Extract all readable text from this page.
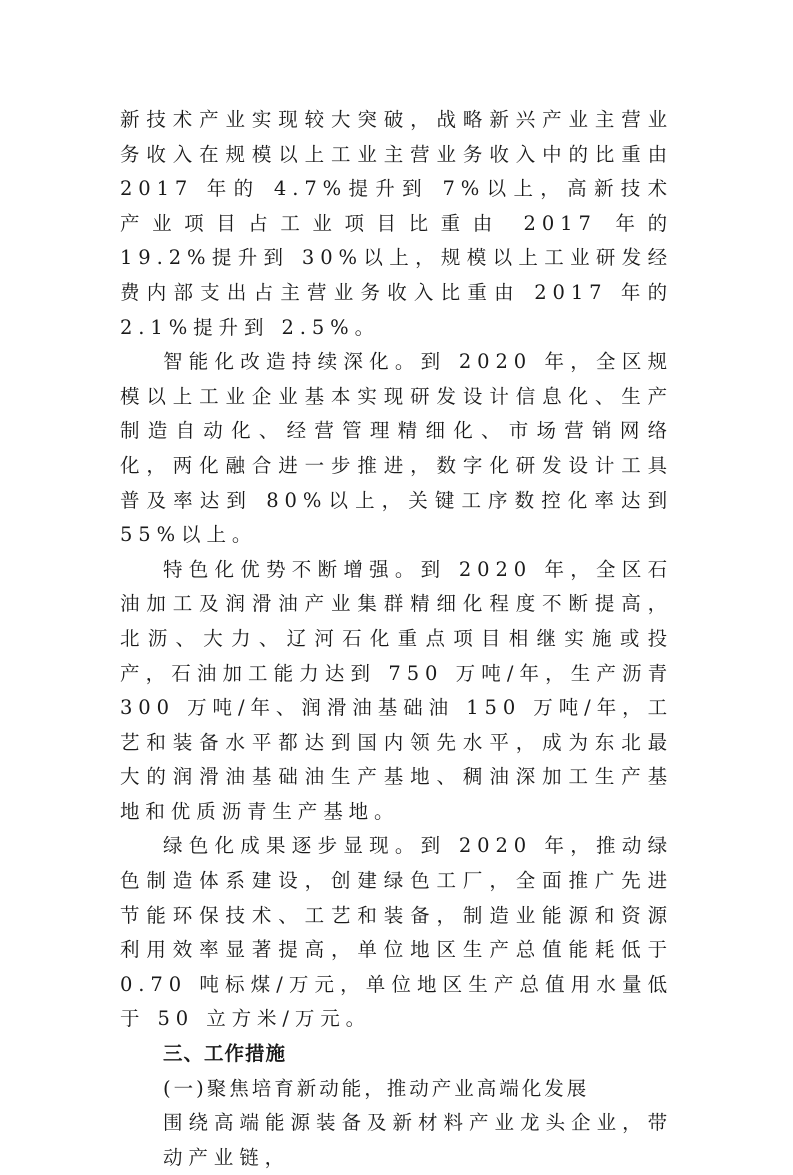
新技术产业实现较大突破，战略新兴产业主营业务收入在规模以上工业主营业务收入中的比重由 2017 年的 4.7%提升到 7%以上，高新技术产业项目占工业项目比重由 2017 年的 19.2%提升到 30%以上，规模以上工业研发经费内部支出占主营业务收入比重由 2017 年的 2.1%提升到 2.5%。

智能化改造持续深化。到 2020 年，全区规模以上工业企业基本实现研发设计信息化、生产制造自动化、经营管理精细化、市场营销网络化，两化融合进一步推进，数字化研发设计工具普及率达到 80%以上，关键工序数控化率达到 55%以上。

特色化优势不断增强。到 2020 年，全区石油加工及润滑油产业集群精细化程度不断提高，北沥、大力、辽河石化重点项目相继实施或投产，石油加工能力达到 750 万吨/年，生产沥青 300 万吨/年、润滑油基础油 150 万吨/年，工艺和装备水平都达到国内领先水平，成为东北最大的润滑油基础油生产基地、稠油深加工生产基地和优质沥青生产基地。

绿色化成果逐步显现。到 2020 年，推动绿色制造体系建设，创建绿色工厂，全面推广先进节能环保技术、工艺和装备，制造业能源和资源利用效率显著提高，单位地区生产总值能耗低于 0.70 吨标煤/万元，单位地区生产总值用水量低于 50 立方米/万元。

三、工作措施

(一)聚焦培育新动能，推动产业高端化发展

围绕高端能源装备及新材料产业龙头企业，带动产业链，
